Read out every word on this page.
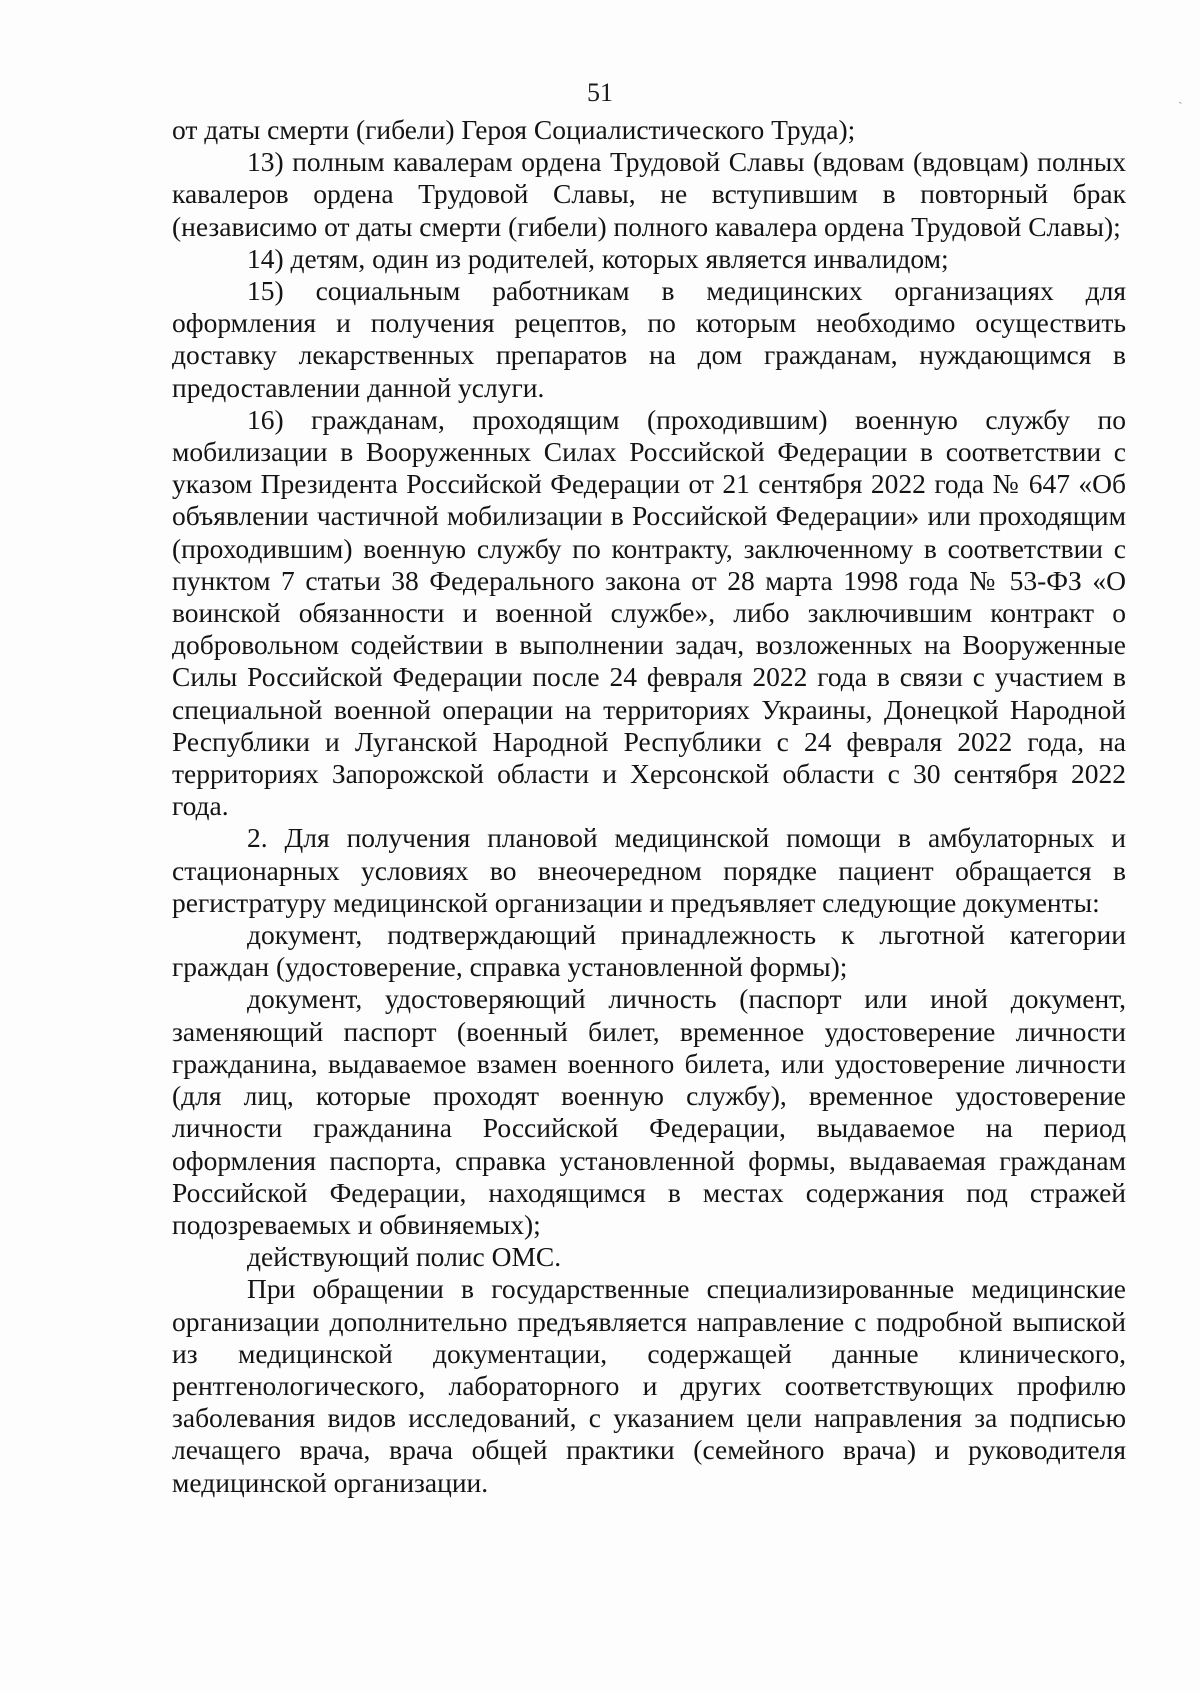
51	ˏ

от даты смерти (гибели) Героя Социалистического Труда);

13) полным кавалерам ордена Трудовой Славы (вдовам (вдовцам) полных кавалеров ордена Трудовой Славы, не вступившим в повторный брак (независимо от даты смерти (гибели) полного кавалера ордена Трудовой Славы);

14) детям, один из родителей, которых является инвалидом;

15) социальным работникам в медицинских организациях для оформления и получения рецептов, по которым необходимо осуществить доставку лекарственных препаратов на дом гражданам, нуждающимся в предоставлении данной услуги.

16) гражданам, проходящим (проходившим) военную службу по мобилизации в Вооруженных Силах Российской Федерации в соответствии с указом Президента Российской Федерации от 21 сентября 2022 года № 647 «Об объявлении частичной мобилизации в Российской Федерации» или проходящим (проходившим) военную службу по контракту, заключенному в соответствии с пунктом 7 статьи 38 Федерального закона от 28 марта 1998 года № 53-ФЗ «О воинской обязанности и военной службе», либо заключившим контракт о добровольном содействии в выполнении задач, возложенных на Вооруженные Силы Российской Федерации после 24 февраля 2022 года в связи с участием в специальной военной операции на территориях Украины, Донецкой Народной Республики и Луганской Народной Республики с 24 февраля 2022 года, на территориях Запорожской области и Херсонской области с 30 сентября 2022 года.

2. Для получения плановой медицинской помощи в амбулаторных и стационарных условиях во внеочередном порядке пациент обращается в регистратуру медицинской организации и предъявляет следующие документы:

документ, подтверждающий принадлежность к льготной категории граждан (удостоверение, справка установленной формы);

документ, удостоверяющий личность (паспорт или иной документ, заменяющий паспорт (военный билет, временное удостоверение личности гражданина, выдаваемое взамен военного билета, или удостоверение личности (для лиц, которые проходят военную службу), временное удостоверение личности гражданина Российской Федерации, выдаваемое на период оформления паспорта, справка установленной формы, выдаваемая гражданам Российской Федерации, находящимся в местах содержания под стражей подозреваемых и обвиняемых);

действующий полис ОМС.

При обращении в государственные специализированные медицинские организации дополнительно предъявляется направление с подробной выпиской из медицинской документации, содержащей данные клинического, рентгенологического, лабораторного и других соответствующих профилю заболевания видов исследований, с указанием цели направления за подписью лечащего врача, врача общей практики (семейного врача) и руководителя медицинской организации.
